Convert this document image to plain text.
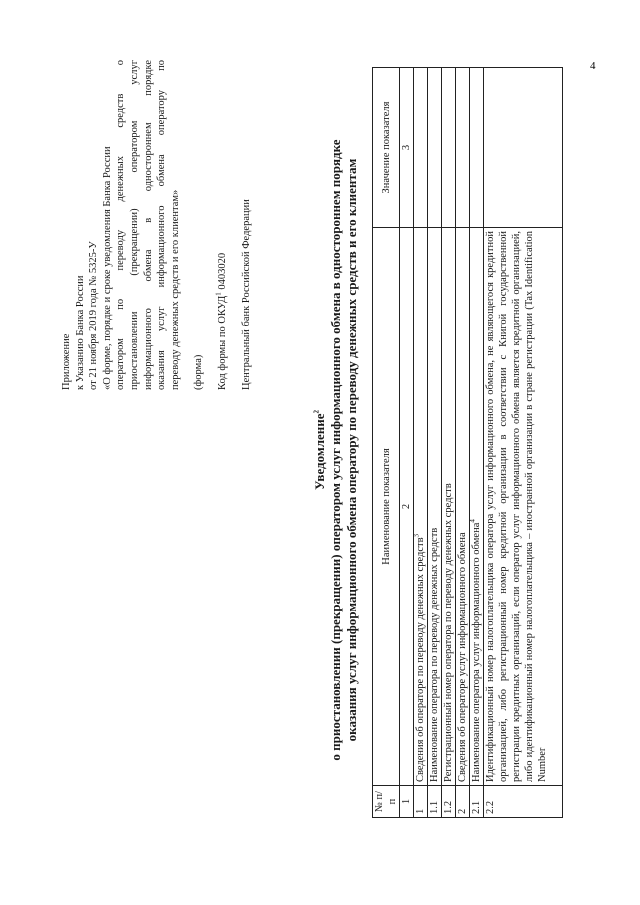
Приложение к Указанию Банка России от 21 ноября 2019 года № 5325-У «О форме, порядке и сроке уведомления Банка России оператором по переводу денежных средств о приостановлении (прекращении) оператором услуг информационного обмена в одностороннем порядке оказания услуг информационного обмена оператору по переводу денежных средств и его клиентам» (форма) Код формы по ОКУД$^1$ 0403020 Центральный банк Российской Федерации
Уведомление$^2$ о приостановлении (прекращении) оператором услуг информационного обмена в одностороннем порядке оказания услуг информационного обмена оператору по переводу денежных средств и его клиентам
№ п/п	Наименование показателя	Значение показателя
1	2	3
1	Сведения об операторе по переводу денежных средств$^3$	
1.1	Наименование оператора по переводу денежных средств	
1.2	Регистрационный номер оператора по переводу денежных средств	
2	Сведения об операторе услуг информационного обмена	
2.1	Наименование оператора услуг информационного обмена$^4$	
2.2	Идентификационный номер налогоплательщика оператора услуг информационного обмена, не являющегося кредитной организацией, либо регистрационный номер кредитной организации в соответствии с Книгой государственной регистрации кредитных организаций, если оператор услуг информационного обмена является кредитной организацией, либо идентификационный номер налогоплательщика – иностранной организации в стране регистрации (Tax Identification Number	
4
